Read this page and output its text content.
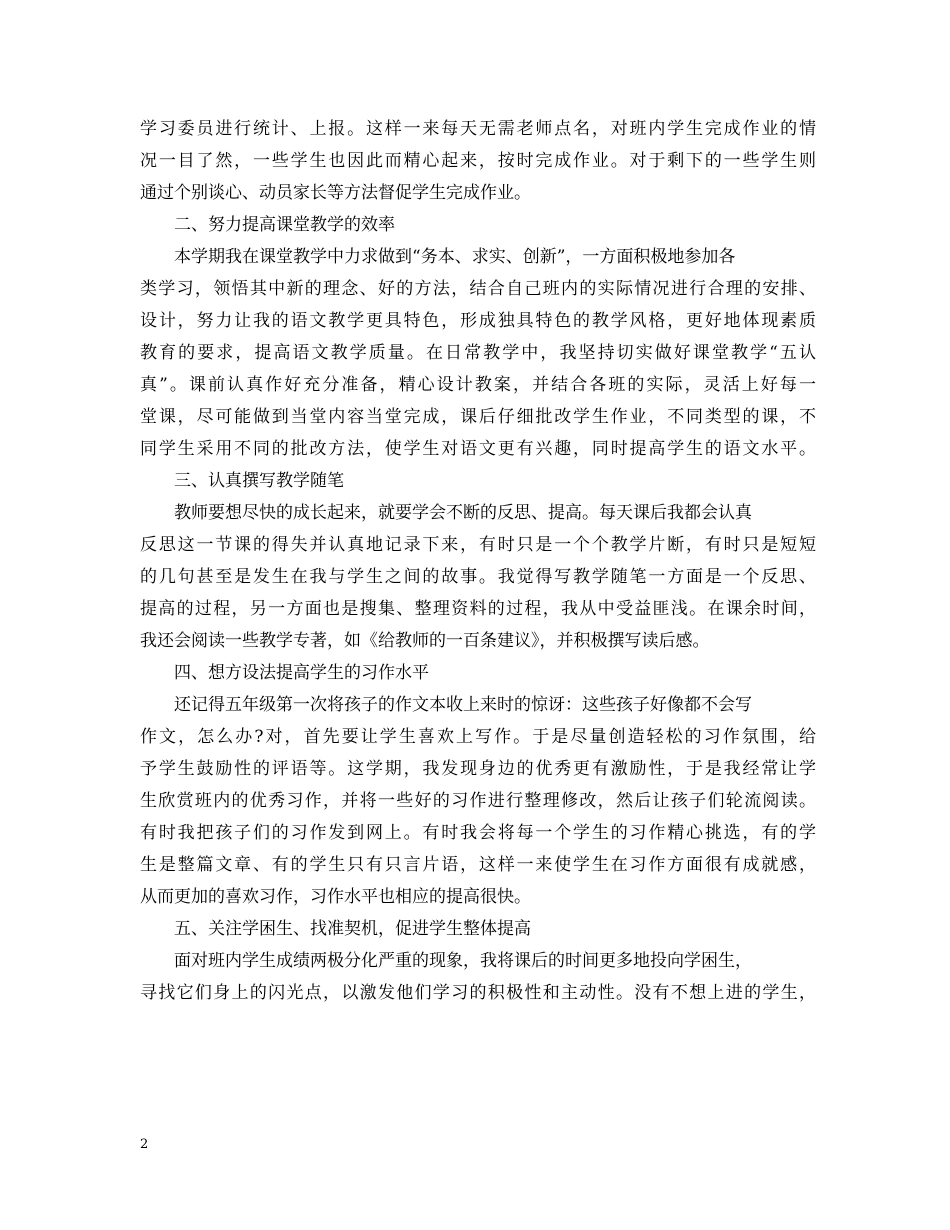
学习委员进行统计、上报。这样一来每天无需老师点名，对班内学生完成作业的情
况一目了然，一些学生也因此而精心起来，按时完成作业。对于剩下的一些学生则
通过个别谈心、动员家长等方法督促学生完成作业。
二、努力提高课堂教学的效率
本学期我在课堂教学中力求做到“务本、求实、创新”，一方面积极地参加各
类学习，领悟其中新的理念、好的方法，结合自己班内的实际情况进行合理的安排、
设计，努力让我的语文教学更具特色，形成独具特色的教学风格，更好地体现素质
教育的要求，提高语文教学质量。在日常教学中，我坚持切实做好课堂教学“五认
真”。课前认真作好充分准备，精心设计教案，并结合各班的实际，灵活上好每一
堂课，尽可能做到当堂内容当堂完成，课后仔细批改学生作业，不同类型的课，不
同学生采用不同的批改方法，使学生对语文更有兴趣，同时提高学生的语文水平。
三、认真撰写教学随笔
教师要想尽快的成长起来，就要学会不断的反思、提高。每天课后我都会认真
反思这一节课的得失并认真地记录下来，有时只是一个个教学片断，有时只是短短
的几句甚至是发生在我与学生之间的故事。我觉得写教学随笔一方面是一个反思、
提高的过程，另一方面也是搜集、整理资料的过程，我从中受益匪浅。在课余时间，
我还会阅读一些教学专著，如《给教师的一百条建议》，并积极撰写读后感。
四、想方设法提高学生的习作水平
还记得五年级第一次将孩子的作文本收上来时的惊讶：这些孩子好像都不会写
作文，怎么办?对，首先要让学生喜欢上写作。于是尽量创造轻松的习作氛围，给
予学生鼓励性的评语等。这学期，我发现身边的优秀更有激励性，于是我经常让学
生欣赏班内的优秀习作，并将一些好的习作进行整理修改，然后让孩子们轮流阅读。
有时我把孩子们的习作发到网上。有时我会将每一个学生的习作精心挑选，有的学
生是整篇文章、有的学生只有只言片语，这样一来使学生在习作方面很有成就感，
从而更加的喜欢习作，习作水平也相应的提高很快。
五、关注学困生、找准契机，促进学生整体提高
面对班内学生成绩两极分化严重的现象，我将课后的时间更多地投向学困生，
寻找它们身上的闪光点，以激发他们学习的积极性和主动性。没有不想上进的学生，
2
